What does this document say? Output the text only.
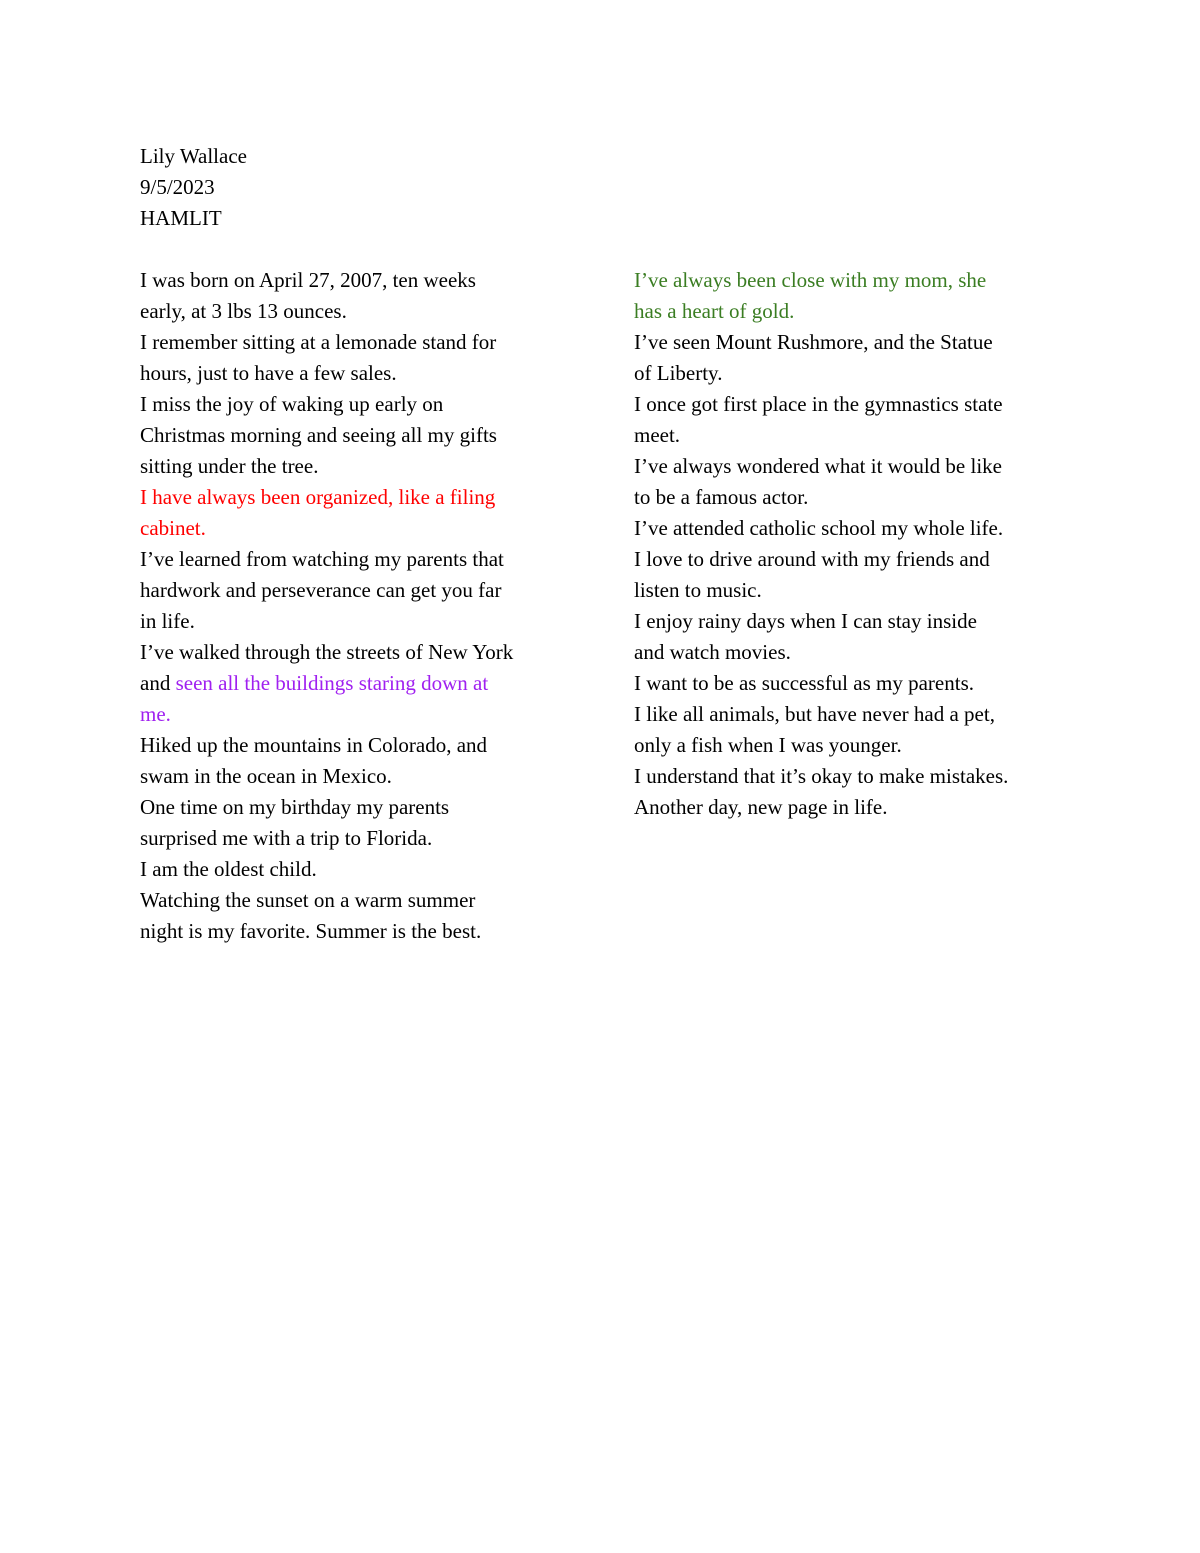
Lily Wallace
9/5/2023
HAMLIT
I was born on April 27, 2007, ten weeks
early, at 3 lbs 13 ounces.
I remember sitting at a lemonade stand for
hours, just to have a few sales.
I miss the joy of waking up early on
Christmas morning and seeing all my gifts
sitting under the tree.
I have always been organized, like a filing
cabinet.
I’ve learned from watching my parents that
hardwork and perseverance can get you far
in life.
I’ve walked through the streets of New York
and seen all the buildings staring down at
me.
Hiked up the mountains in Colorado, and
swam in the ocean in Mexico.
One time on my birthday my parents
surprised me with a trip to Florida.
I am the oldest child.
Watching the sunset on a warm summer
night is my favorite. Summer is the best.
I’ve always been close with my mom, she
has a heart of gold.
I’ve seen Mount Rushmore, and the Statue
of Liberty.
I once got first place in the gymnastics state
meet.
I’ve always wondered what it would be like
to be a famous actor.
I’ve attended catholic school my whole life.
I love to drive around with my friends and
listen to music.
I enjoy rainy days when I can stay inside
and watch movies.
I want to be as successful as my parents.
I like all animals, but have never had a pet,
only a fish when I was younger.
I understand that it’s okay to make mistakes.
Another day, new page in life.
